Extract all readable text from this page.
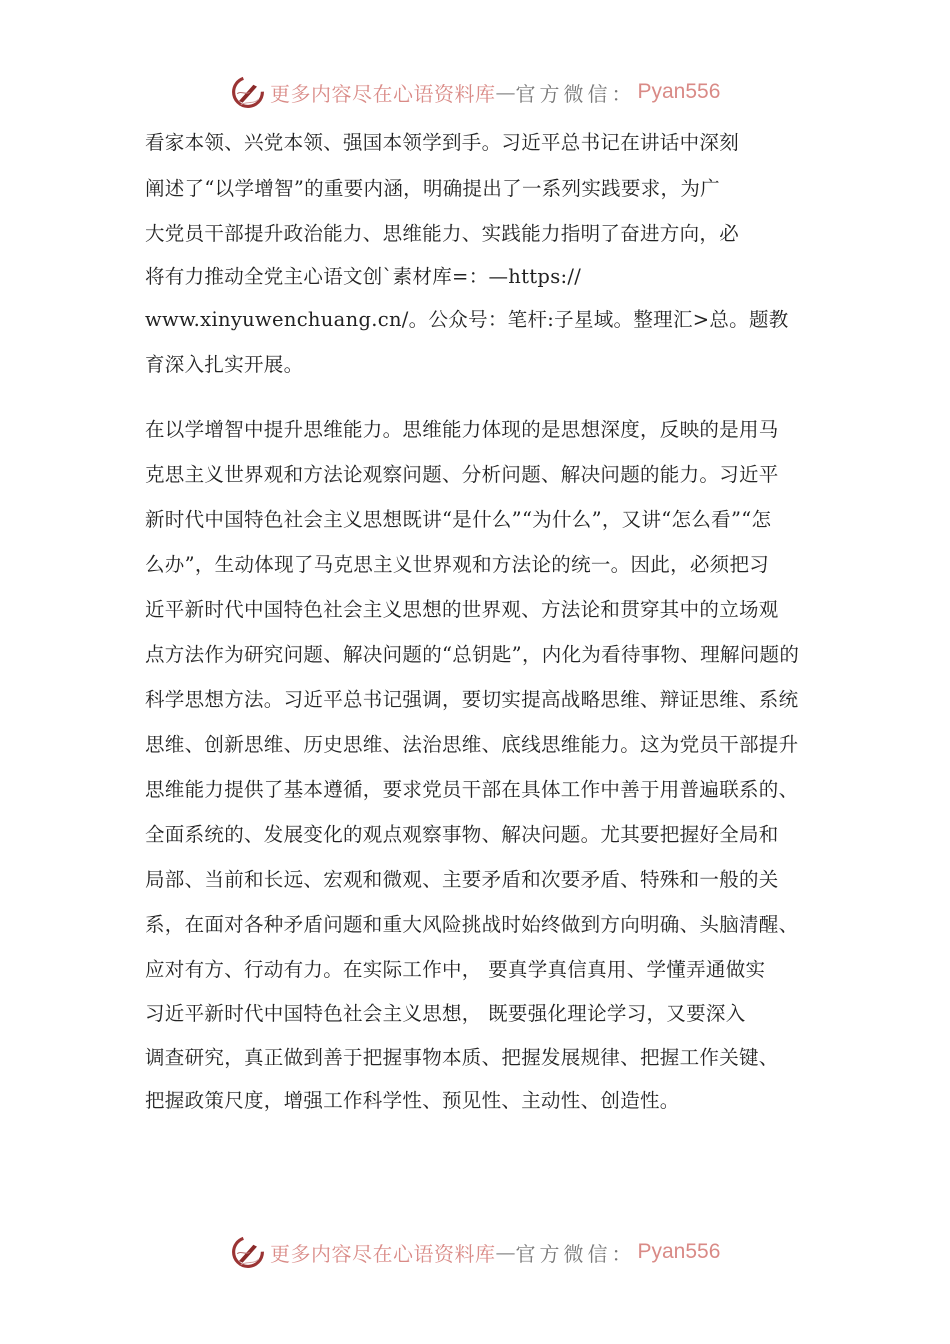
更多内容尽在心语资料库 — 官方微信： Pyan556
看家本领、兴党本领、强国本领学到手。习近平总书记在讲话中深刻
阐述了“以学增智”的重要内涵，明确提出了一系列实践要求，为广
大党员干部提升政治能力、思维能力、实践能力指明了奋进方向，必
将有力推动全党主心语文创`素材库=：—https://
www.xinyuwenchuang.cn/。公众号：笔杆:子星域。整理汇>总。题教
育深入扎实开展。
在以学增智中提升思维能力。思维能力体现的是思想深度，反映的是用马
克思主义世界观和方法论观察问题、分析问题、解决问题的能力。习近平
新时代中国特色社会主义思想既讲“是什么”“为什么”，又讲“怎么看”“怎
么办”，生动体现了马克思主义世界观和方法论的统一。因此，必须把习
近平新时代中国特色社会主义思想的世界观、方法论和贯穿其中的立场观
点方法作为研究问题、解决问题的“总钥匙”，内化为看待事物、理解问题的
科学思想方法。习近平总书记强调，要切实提高战略思维、辩证思维、系统
思维、创新思维、历史思维、法治思维、底线思维能力。这为党员干部提升
思维能力提供了基本遵循，要求党员干部在具体工作中善于用普遍联系的、
全面系统的、发展变化的观点观察事物、解决问题。尤其要把握好全局和
局部、当前和长远、宏观和微观、主要矛盾和次要矛盾、特殊和一般的关
系，在面对各种矛盾问题和重大风险挑战时始终做到方向明确、头脑清醒、
应对有方、行动有力。在实际工作中， 要真学真信真用、学懂弄通做实
习近平新时代中国特色社会主义思想， 既要强化理论学习，又要深入
调查研究，真正做到善于把握事物本质、把握发展规律、把握工作关键、
把握政策尺度，增强工作科学性、预见性、主动性、创造性。
更多内容尽在心语资料库 — 官方微信： Pyan556
